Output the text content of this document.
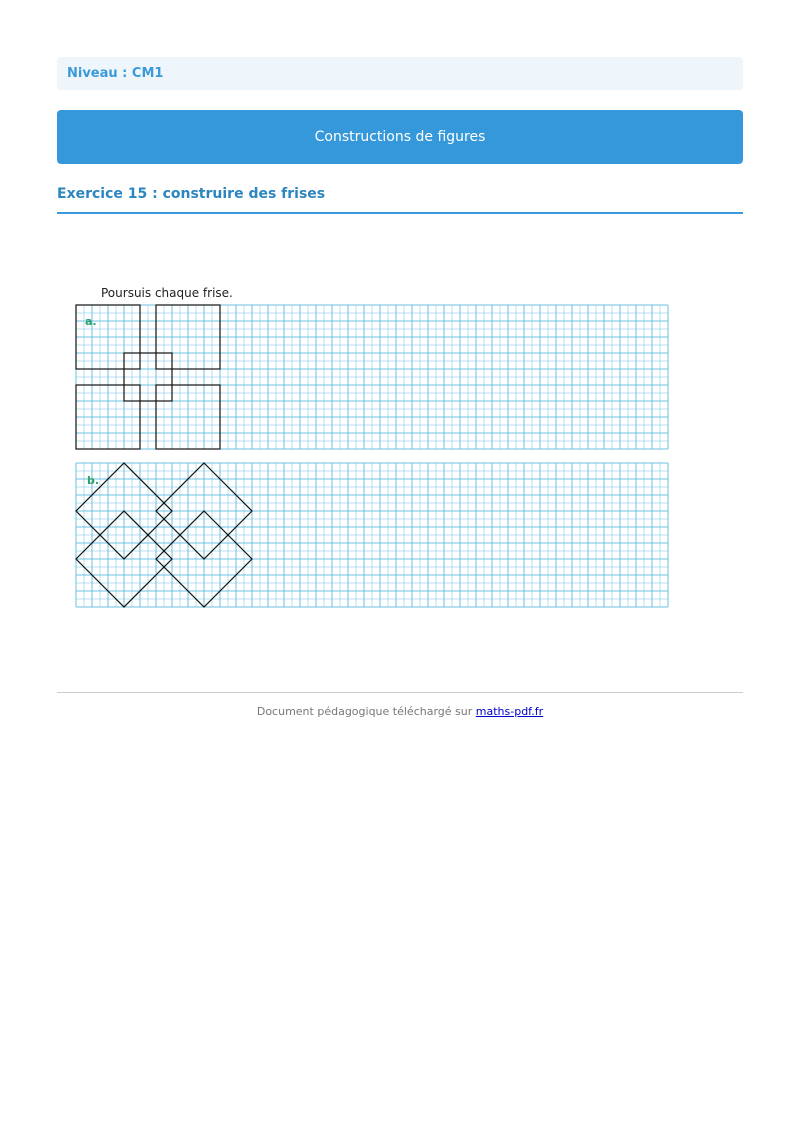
Niveau : CM1
Constructions de figures
Exercice 15 : construire des frises
Poursuis chaque frise.
a.
b.
Document pédagogique téléchargé sur maths-pdf.fr
